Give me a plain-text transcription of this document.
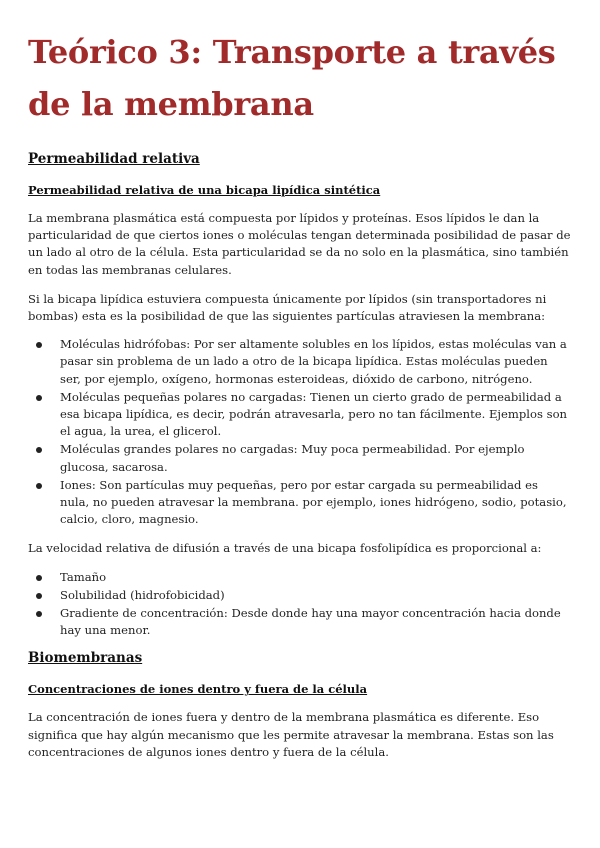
Teórico 3: Transporte a través de la membrana
Permeabilidad relativa
Permeabilidad relativa de una bicapa lipídica sintética

La membrana plasmática está compuesta por lípidos y proteínas. Esos lípidos le dan la particularidad de que ciertos iones o moléculas tengan determinada posibilidad de pasar de un lado al otro de la célula. Esta particularidad se da no solo en la plasmática, sino también en todas las membranas celulares.

Si la bicapa lipídica estuviera compuesta únicamente por lípidos (sin transportadores ni bombas) esta es la posibilidad de que las siguientes partículas atraviesen la membrana:

Moléculas hidrófobas: Por ser altamente solubles en los lípidos, estas moléculas van a pasar sin problema de un lado a otro de la bicapa lipídica. Estas moléculas pueden ser, por ejemplo, oxígeno, hormonas esteroideas, dióxido de carbono, nitrógeno.
Moléculas pequeñas polares no cargadas: Tienen un cierto grado de permeabilidad a esa bicapa lipídica, es decir, podrán atravesarla, pero no tan fácilmente. Ejemplos son el agua, la urea, el glicerol.
Moléculas grandes polares no cargadas: Muy poca permeabilidad. Por ejemplo glucosa, sacarosa.
Iones: Son partículas muy pequeñas, pero por estar cargada su permeabilidad es nula, no pueden atravesar la membrana. por ejemplo, iones hidrógeno, sodio, potasio, calcio, cloro, magnesio.

La velocidad relativa de difusión a través de una bicapa fosfolipídica es proporcional a:

Tamaño
Solubilidad (hidrofobicidad)
Gradiente de concentración: Desde donde hay una mayor concentración hacia donde hay una menor.
Biomembranas
Concentraciones de iones dentro y fuera de la célula

La concentración de iones fuera y dentro de la membrana plasmática es diferente. Eso significa que hay algún mecanismo que les permite atravesar la membrana. Estas son las concentraciones de algunos iones dentro y fuera de la célula.
